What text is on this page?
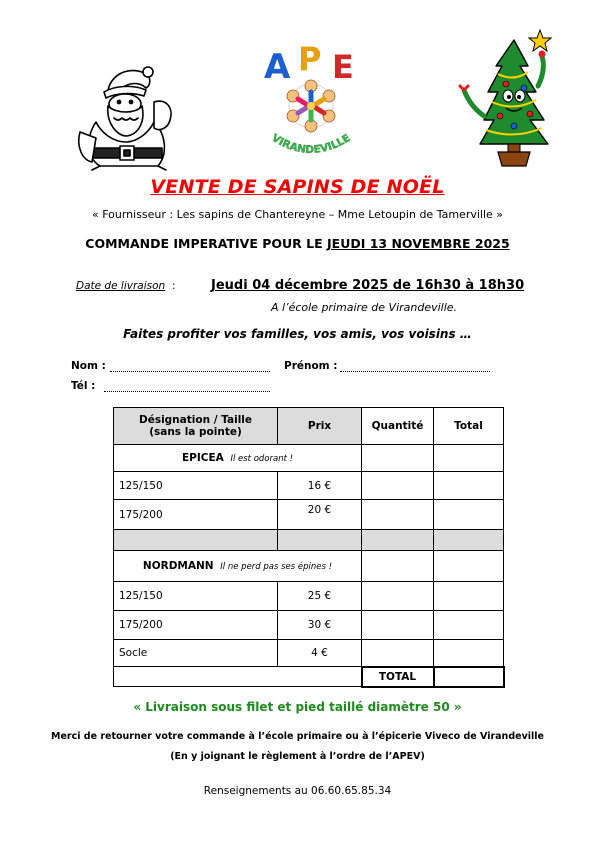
A P E
VIRANDEVILLE
VENTE DE SAPINS DE NOËL
« Fournisseur : Les sapins de Chantereyne – Mme Letoupin de Tamerville »
COMMANDE IMPERATIVE POUR LE JEUDI 13 NOVEMBRE 2025
Date de livraison :	Jeudi 04 décembre 2025 de 16h30 à 18h30
A l’école primaire de Virandeville.
Faites profiter vos familles, vos amis, vos voisins …
Nom :	Prénom :
Tél :
Désignation / Taille
(sans la pointe)	Prix	Quantité	Total
EPICEA Il est odorant !			
125/150	16 €		
175/200	20 €		

NORDMANN Il ne perd pas ses épines !			
125/150	25 €		
175/200	30 €		
Socle	4 €		
		TOTAL	
« Livraison sous filet et pied taillé diamètre 50 »
Merci de retourner votre commande à l’école primaire ou à l’épicerie Viveco de Virandeville
(En y joignant le règlement à l’ordre de l’APEV)
Renseignements au 06.60.65.85.34
